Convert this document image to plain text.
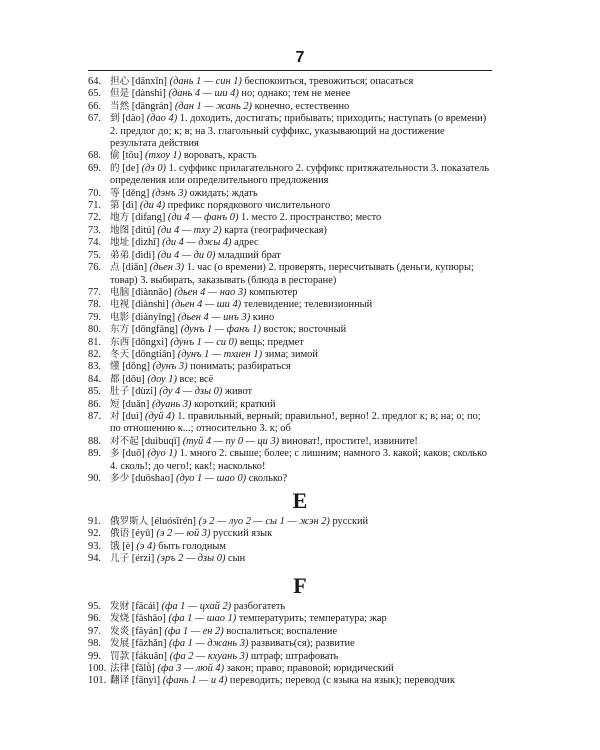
7
64 . 担心 [ dānxīn ] ( дань 1 — син 1 ) беспокоиться, тревожиться; опасаться
65 . 但是 [ dànshì ] ( дань 4 — ши 4 ) но; однако; тем не менее
66 . 当然 [ dāngrán ] ( дан 1 — жань 2 ) конечно, естественно
67 . 到 [ dào ] ( дао 4 ) 1. доходить, достигать; прибывать; приходить; наступать (о времени) 2. предлог до; к; в; на 3. глагольный суффикс, указывающий на достижение результата действия
68 . 偷 [ tōu ] ( тхоу 1 ) воровать, красть
69 . 的 [ de ] ( дэ 0 ) 1. суффикс прилагательного 2. суффикс притяжательности 3. показатель определения или определительного предложения
70 . 等 [ děng ] ( дэнъ 3 ) ожидать; ждать
71 . 第 [ dì ] ( ди 4 ) префикс порядкового числительного
72 . 地方 [ dìfang ] ( ди 4 — фанъ 0 ) 1. место 2. пространство; место
73 . 地图 [ dìtú ] ( ди 4 — тху 2 ) карта (географическая)
74 . 地址 [ dìzhǐ ] ( ди 4 — джы 4 ) адрес
75 . 弟弟 [ dìdi ] ( ди 4 — ди 0 ) младший брат
76 . 点 [ diǎn ] ( дьен 3 ) 1. час (о времени) 2. проверять, пересчитывать (деньги, купюры; товар) 3. выбирать, заказывать (блюда в ресторане)
77 . 电脑 [ diànnǎo ] ( дьен 4 — нао 3 ) компьютер
78 . 电视 [ diànshì ] ( дьен 4 — ши 4 ) телевидение; телевизионный
79 . 电影 [ diànyǐng ] ( дьен 4 — инъ 3 ) кино
80 . 东方 [ dōngfāng ] ( дунъ 1 — фанъ 1 ) восток; восточный
81 . 东西 [ dōngxi ] ( дунъ 1 — си 0 ) вещь; предмет
82 . 冬天 [ dōngtiān ] ( дунъ 1 — тхиен 1 ) зима; зимой
83 . 懂 [ dǒng ] ( дунъ 3 ) понимать; разбираться
84 . 都 [ dōu ] ( доу 1 ) все; всё
85 . 肚子 [ dùzi ] ( ду 4 — дзы 0 ) живот
86 . 短 [ duǎn ] ( дуань 3 ) короткий; краткий
87 . 对 [ duì ] ( дуй 4 ) 1. правильный, верный; правильно!, верно! 2. предлог к; в; на; о; по; по отношению к...; относительно 3. к; об
88 . 对不起 [ duìbuqǐ ] ( туй 4 — пу 0 — ци 3 ) виноват!, простите!, извините!
89 . 多 [ duō ] ( дуо 1 ) 1. много 2. свыше; более; с лишним; намного 3. какой; каков; сколько 4. сколь!; до чего!; как!; насколько!
90 . 多少 [ duōshao ] ( дуо 1 — шао 0 ) сколько?
E
91 . 俄罗斯人 [ éluósīrén ] ( э 2 — луо 2 — сы 1 — жэн 2 ) русский
92 . 俄语 [ éyǔ ] ( э 2 — юй 3 ) русский язык
93 . 饿 [ è ] ( э 4 ) быть голодным
94 . 儿子 [ érzi ] ( эръ 2 — дзы 0 ) сын
F
95 . 发财 [ fācái ] ( фа 1 — цхай 2 ) разбогатеть
96 . 发烧 [ fāshāo ] ( фа 1 — шао 1 ) температурить; температура; жар
97 . 发炎 [ fāyán ] ( фа 1 — ен 2 ) воспалиться; воспаление
98 . 发展 [ fāzhǎn ] ( фа 1 — джань 3 ) развивать(ся); развитие
99 . 罚款 [ fákuǎn ] ( фа 2 — кхуань 3 ) штраф; штрафовать
100 . 法律 [ fǎlǜ ] ( фа 3 — люй 4 ) закон; право; правовой; юридический
101 . 翻译 [ fānyì ] ( фань 1 — и 4 ) переводить; перевод (с языка на язык); переводчик
